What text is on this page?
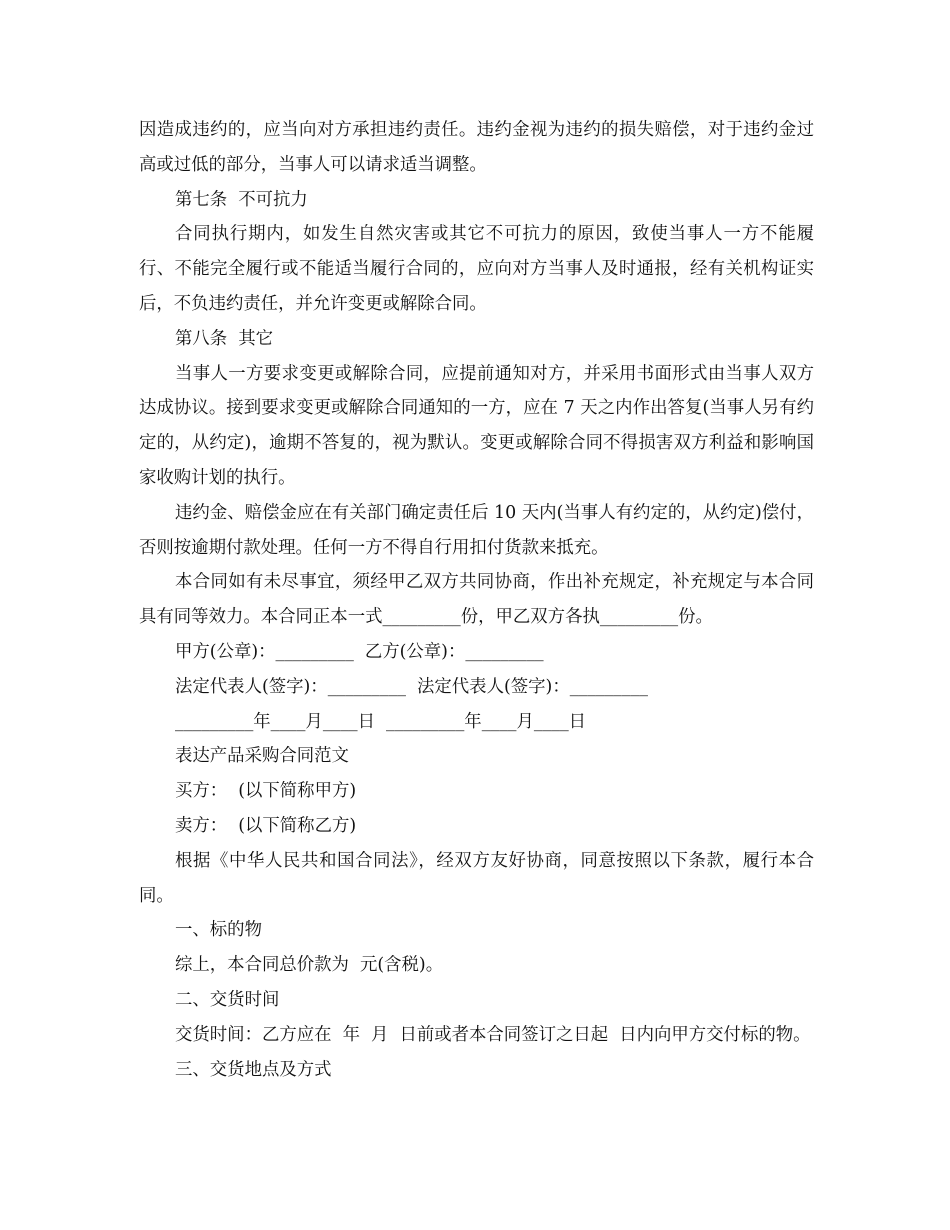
因造成违约的，应当向对方承担违约责任。违约金视为违约的损失赔偿，对于违约金过高或过低的部分，当事人可以请求适当调整。

第七条  不可抗力

合同执行期内，如发生自然灾害或其它不可抗力的原因，致使当事人一方不能履行、不能完全履行或不能适当履行合同的，应向对方当事人及时通报，经有关机构证实后，不负违约责任，并允许变更或解除合同。

第八条  其它

当事人一方要求变更或解除合同，应提前通知对方，并采用书面形式由当事人双方达成协议。接到要求变更或解除合同通知的一方，应在 7 天之内作出答复(当事人另有约定的，从约定)，逾期不答复的，视为默认。变更或解除合同不得损害双方利益和影响国家收购计划的执行。

违约金、赔偿金应在有关部门确定责任后 10 天内(当事人有约定的，从约定)偿付，否则按逾期付款处理。任何一方不得自行用扣付货款来抵充。

本合同如有未尽事宜，须经甲乙双方共同协商，作出补充规定，补充规定与本合同具有同等效力。本合同正本一式_________份，甲乙双方各执_________份。

甲方(公章)：_________  乙方(公章)：_________

法定代表人(签字)：_________  法定代表人(签字)：_________

_________年____月____日  _________年____月____日

表达产品采购合同范文

买方：  (以下简称甲方)

卖方：  (以下简称乙方)

根据《中华人民共和国合同法》，经双方友好协商，同意按照以下条款，履行本合同。

一、标的物

综上，本合同总价款为  元(含税)。

二、交货时间

交货时间：乙方应在  年  月  日前或者本合同签订之日起  日内向甲方交付标的物。

三、交货地点及方式
